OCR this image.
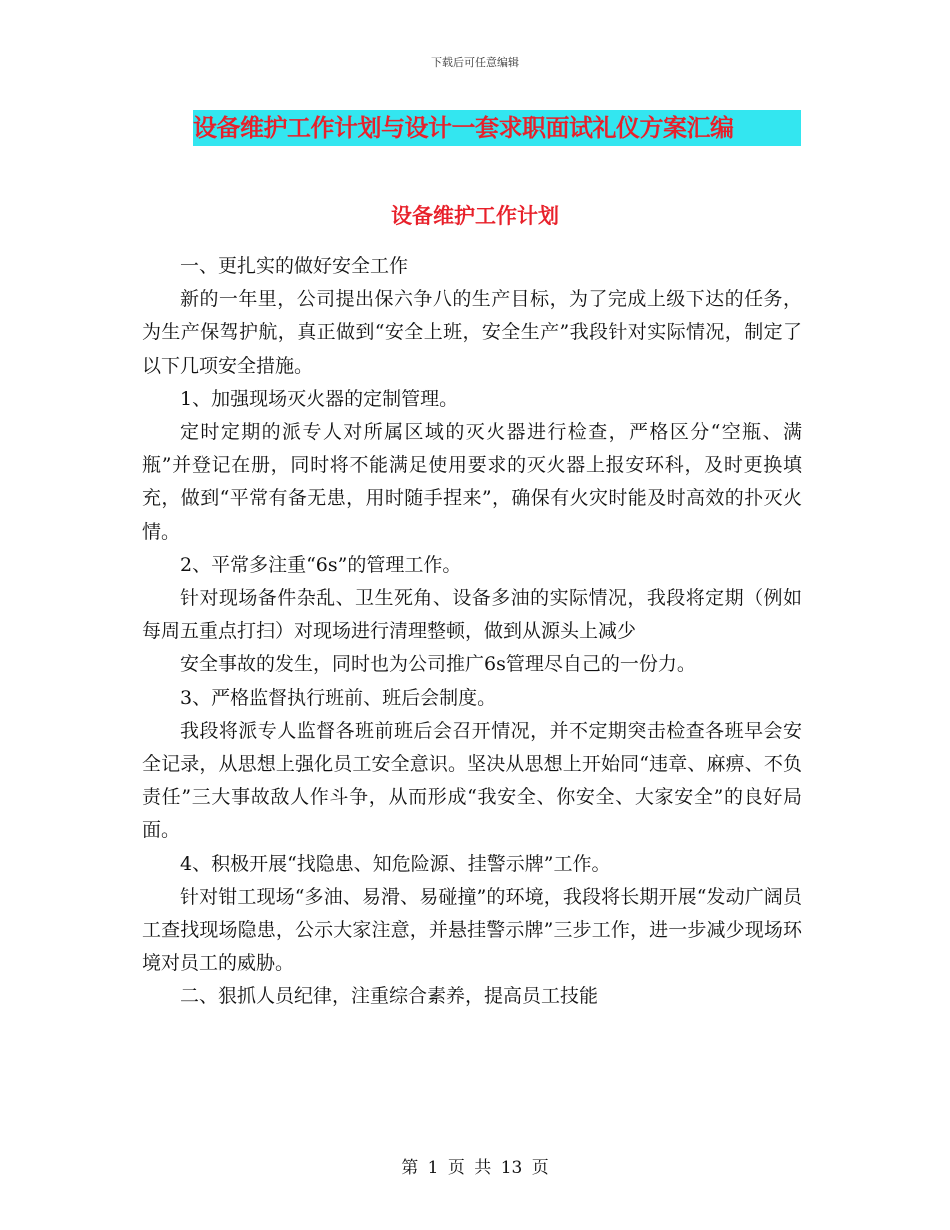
下载后可任意编辑
设备维护工作计划与设计一套求职面试礼仪方案汇编
设备维护工作计划

一、更扎实的做好安全工作

新的一年里，公司提出保六争八的生产目标，为了完成上级下达的任务，为生产保驾护航，真正做到“安全上班，安全生产”我段针对实际情况，制定了以下几项安全措施。

1、加强现场灭火器的定制管理。

定时定期的派专人对所属区域的灭火器进行检查，严格区分“空瓶、满瓶”并登记在册，同时将不能满足使用要求的灭火器上报安环科，及时更换填充，做到“平常有备无患，用时随手捏来”，确保有火灾时能及时高效的扑灭火情。

2、平常多注重“6s”的管理工作。

针对现场备件杂乱、卫生死角、设备多油的实际情况，我段将定期（例如每周五重点打扫）对现场进行清理整顿，做到从源头上减少

安全事故的发生，同时也为公司推广6s管理尽自己的一份力。

3、严格监督执行班前、班后会制度。

我段将派专人监督各班前班后会召开情况，并不定期突击检查各班早会安全记录，从思想上强化员工安全意识。坚决从思想上开始同“违章、麻痹、不负责任”三大事故敌人作斗争，从而形成“我安全、你安全、大家安全”的良好局面。

4、积极开展“找隐患、知危险源、挂警示牌”工作。

针对钳工现场“多油、易滑、易碰撞”的环境，我段将长期开展“发动广阔员工查找现场隐患，公示大家注意，并悬挂警示牌”三步工作，进一步减少现场环境对员工的威胁。

二、狠抓人员纪律，注重综合素养，提高员工技能

第 1 页 共 13 页
